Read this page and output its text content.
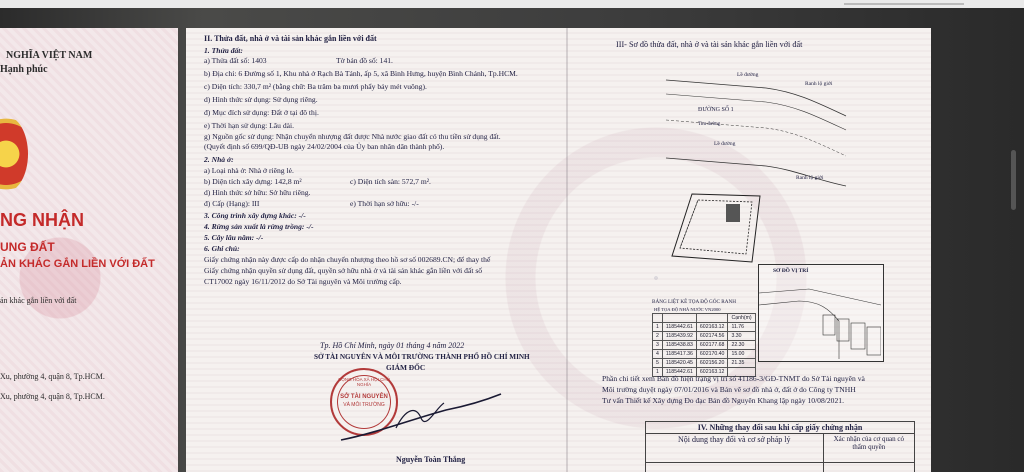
NGHĨA VIỆT NAM
Hạnh phúc
NG NHẬN
UNG ĐẤT
ẢN KHÁC GẮN LIỀN VỚI ĐẤT
ản khác gắn liền với đất
Xu, phường 4, quận 8, Tp.HCM.
Xu, phường 4, quận 8, Tp.HCM.
II. Thửa đất, nhà ở và tài sản khác gắn liền với đất
1. Thửa đất:
a) Thửa đất số: 1403	Tờ bản đồ số: 141.
b) Địa chỉ: 6 Đường số 1, Khu nhà ở Rạch Bà Tánh, ấp 5, xã Bình Hưng, huyện Bình Chánh, Tp.HCM.
c) Diện tích: 330,7 m² (bằng chữ: Ba trăm ba mươi phẩy bảy mét vuông).
d) Hình thức sử dụng: Sử dụng riêng.
đ) Mục đích sử dụng: Đất ở tại đô thị.
e) Thời hạn sử dụng: Lâu dài.
g) Nguồn gốc sử dụng: Nhận chuyển nhượng đất được Nhà nước giao đất có thu tiền sử dụng đất.
(Quyết định số 699/QĐ-UB ngày 24/02/2004 của Ủy ban nhân dân thành phố).
2. Nhà ở:
a) Loại nhà ở: Nhà ở riêng lẻ.
b) Diện tích xây dựng: 142,8 m²	c) Diện tích sàn: 572,7 m².
d) Hình thức sở hữu: Sở hữu riêng.
đ) Cấp (Hạng): III	e) Thời hạn sở hữu: -/-
3. Công trình xây dựng khác: -/-
4. Rừng sản xuất là rừng trồng: -/-
5. Cây lâu năm: -/-
6. Ghi chú:
Giấy chứng nhận này được cấp do nhận chuyển nhượng theo hồ sơ số 002689.CN; để thay thế
Giấy chứng nhận quyền sử dụng đất, quyền sở hữu nhà ở và tài sản khác gắn liền với đất số
CT17002 ngày 16/11/2012 do Sở Tài nguyên và Môi trường cấp.
Tp. Hồ Chí Minh, ngày 01 tháng 4 năm 2022
SỞ TÀI NGUYÊN VÀ MÔI TRƯỜNG THÀNH PHỐ HỒ CHÍ MINH
GIÁM ĐỐC
CỘNG HÒA XÃ HỘI CHỦ NGHĨA
SỞ TÀI NGUYÊN
VÀ MÔI TRƯỜNG
Nguyễn Toàn Thắng
III- Sơ đồ thửa đất, nhà ở và tài sản khác gắn liền với đất
Lề đường
Ranh lộ giới
ĐƯỜNG SỐ 1
Tim đường
Lề đường
Ranh lộ giới
SƠ ĐỒ VỊ TRÍ
BẢNG LIỆT KÊ TỌA ĐỘ GÓC RANH
HỆ TỌA ĐỘ NHÀ NƯỚC VN2000
			Cạnh(m)
1	1185442.61	602163.12	11.76
2	1185439.92	602174.56	3.30
3	1185438.83	602177.68	22.30
4	1185417.36	602170.40	15.00
5	1185420.45	602156.20	21.35
1	1185442.61	602163.12	
Phần chi tiết xem Bản đồ hiện trạng vị trí số 41186-3/GĐ-TNMT do Sở Tài nguyên và
Môi trường duyệt ngày 07/01/2016 và Bản vẽ sơ đồ nhà ở, đất ở do Công ty TNHH
Tư vấn Thiết kế Xây dựng Đo đạc Bản đồ Nguyên Khang lập ngày 10/08/2021.
IV. Những thay đổi sau khi cấp giấy chứng nhận	
Nội dung thay đổi và cơ sở pháp lý	Xác nhận của cơ quan có thẩm quyền
